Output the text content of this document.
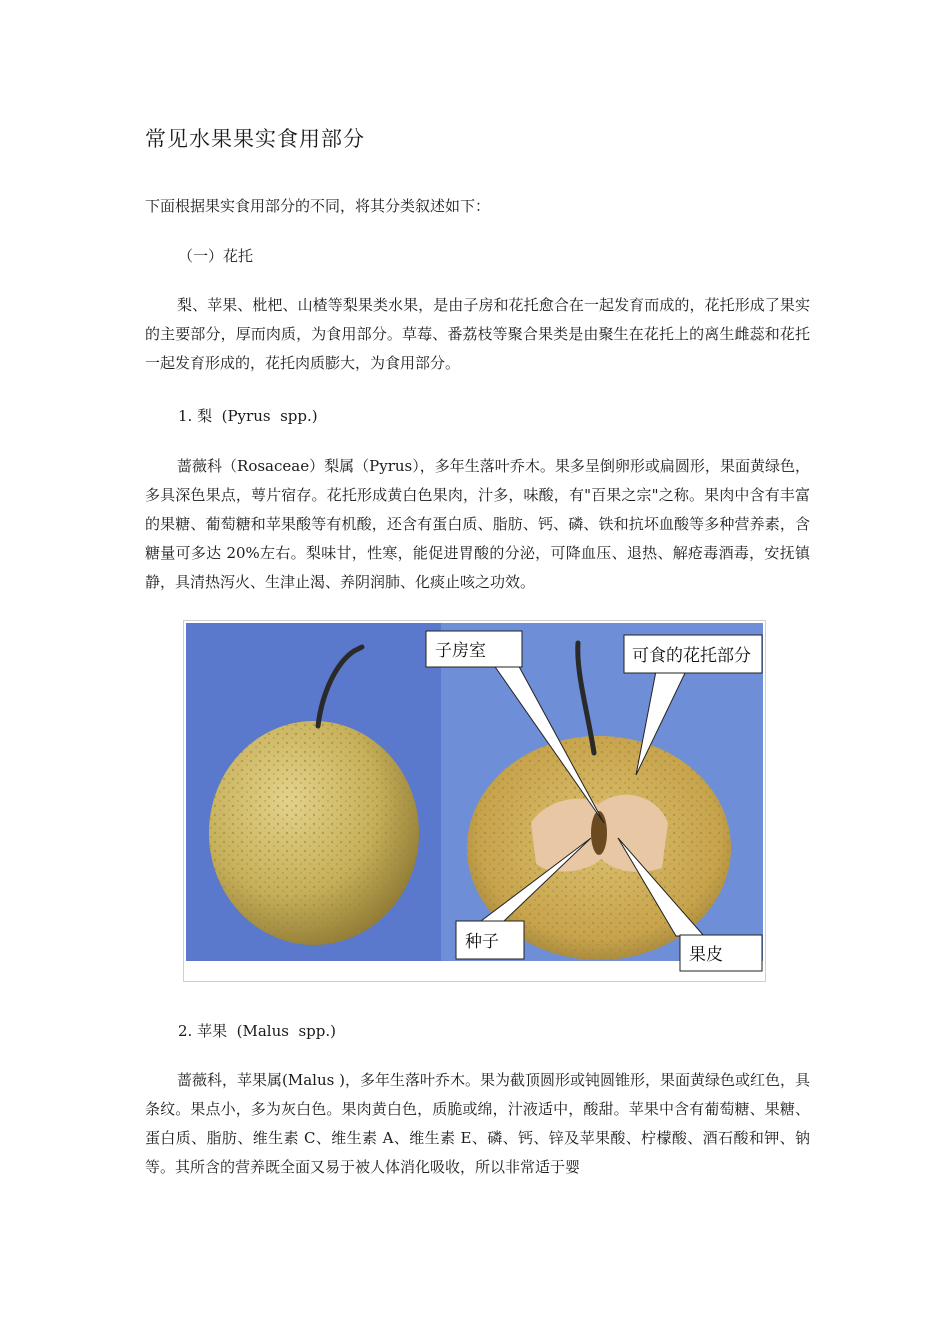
常见水果果实食用部分

下面根据果实食用部分的不同，将其分类叙述如下：

（一）花托

梨、苹果、枇杷、山楂等梨果类水果，是由子房和花托愈合在一起发育而成的，花托形成了果实的主要部分，厚而肉质，为食用部分。草莓、番荔枝等聚合果类是由聚生在花托上的离生雌蕊和花托一起发育形成的，花托肉质膨大，为食用部分。

1. 梨  (Pyrus  spp.)

蔷薇科（Rosaceae）梨属（Pyrus），多年生落叶乔木。果多呈倒卵形或扁圆形，果面黄绿色，多具深色果点，萼片宿存。花托形成黄白色果肉，汁多，味酸，有"百果之宗"之称。果肉中含有丰富的果糖、葡萄糖和苹果酸等有机酸，还含有蛋白质、脂肪、钙、磷、铁和抗坏血酸等多种营养素，含糖量可多达 20%左右。梨味甘，性寒，能促进胃酸的分泌，可降血压、退热、解疮毒酒毒，安抚镇静，具清热泻火、生津止渴、养阴润肺、化痰止咳之功效。

子房室	可食的花托部分
种子
果皮

2. 苹果  (Malus  spp.)

蔷薇科，苹果属(Malus )，多年生落叶乔木。果为截顶圆形或钝圆锥形，果面黄绿色或红色，具条纹。果点小，多为灰白色。果肉黄白色，质脆或绵，汁液适中，酸甜。苹果中含有葡萄糖、果糖、蛋白质、脂肪、维生素 C、维生素 A、维生素 E、磷、钙、锌及苹果酸、柠檬酸、酒石酸和钾、钠等。其所含的营养既全面又易于被人体消化吸收，所以非常适于婴
